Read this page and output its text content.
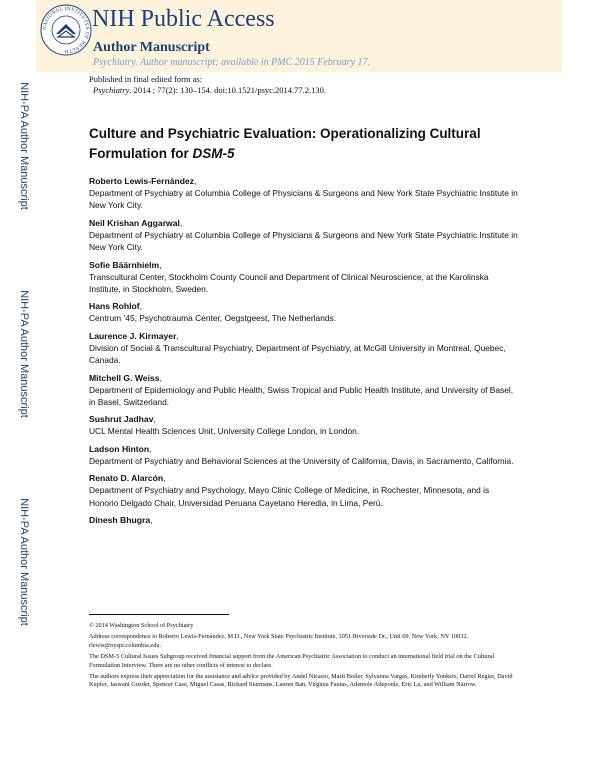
NATIONAL INSTITUTES OF HEALTH
NIH Public Access
Author Manuscript
Psychiatry. Author manuscript; available in PMC 2015 February 17.
NIH-PA Author Manuscript
NIH-PA Author Manuscript
NIH-PA Author Manuscript
Published in final edited form as:
Psychiatry. 2014 ; 77(2): 130–154. doi:10.1521/psyc.2014.77.2.130.
Culture and Psychiatric Evaluation: Operationalizing Cultural Formulation for DSM-5
Roberto Lewis-Fernández,
Department of Psychiatry at Columbia College of Physicians & Surgeons and New York State Psychiatric Institute in New York City.
Neil Krishan Aggarwal,
Department of Psychiatry at Columbia College of Physicians & Surgeons and New York State Psychiatric Institute in New York City.
Sofie Bäärnhielm,
Transcultural Center, Stockholm County Council and Department of Clinical Neuroscience, at the Karolinska Institute, in Stockholm, Sweden.
Hans Rohlof,
Centrum ’45, Psychotrauma Center, Oegstgeest, The Netherlands.
Laurence J. Kirmayer,
Division of Social & Transcultural Psychiatry, Department of Psychiatry, at McGill University in Montreal, Quebec, Canada.
Mitchell G. Weiss,
Department of Epidemiology and Public Health, Swiss Tropical and Public Health Institute, and University of Basel, in Basel, Switzerland.
Sushrut Jadhav,
UCL Mental Health Sciences Unit, University College London, in London.
Ladson Hinton,
Department of Psychiatry and Behavioral Sciences at the University of California, Davis, in Sacramento, California.
Renato D. Alarcón,
Department of Psychiatry and Psychology, Mayo Clinic College of Medicine, in Rochester, Minnesota, and is Honorio Delgado Chair, Universidad Peruana Cayetano Heredia, in Lima, Perú.
Dinesh Bhugra,

© 2014 Washington School of Psychiatry

Address correspondence to Roberto Lewis-Fernández, M.D., New York State Psychiatric Institute, 1051 Riverside Dr., Unit 69, New York, NY 10032. rlewis@nyspi.columbia.edu.

The DSM-5 Cultural Issues Subgroup received financial support from the American Psychiatric Association to conduct an international field trial on the Cultural Formulation Interview. There are no other conflicts of interest to declare.

The authors express their appreciation for the assistance and advice provided by Andel Nicasio, Marit Boiler, Sylvanna Vargas, Kimberly Yonkers, Darrel Regier, David Kupfer, Jaswant Guzder, Spencer Case, Miguel Casas, Richard Starmans, Lauren Ban, Virginia Fautas, Ademole Adeponle, Eric Lu, and William Narrow.
